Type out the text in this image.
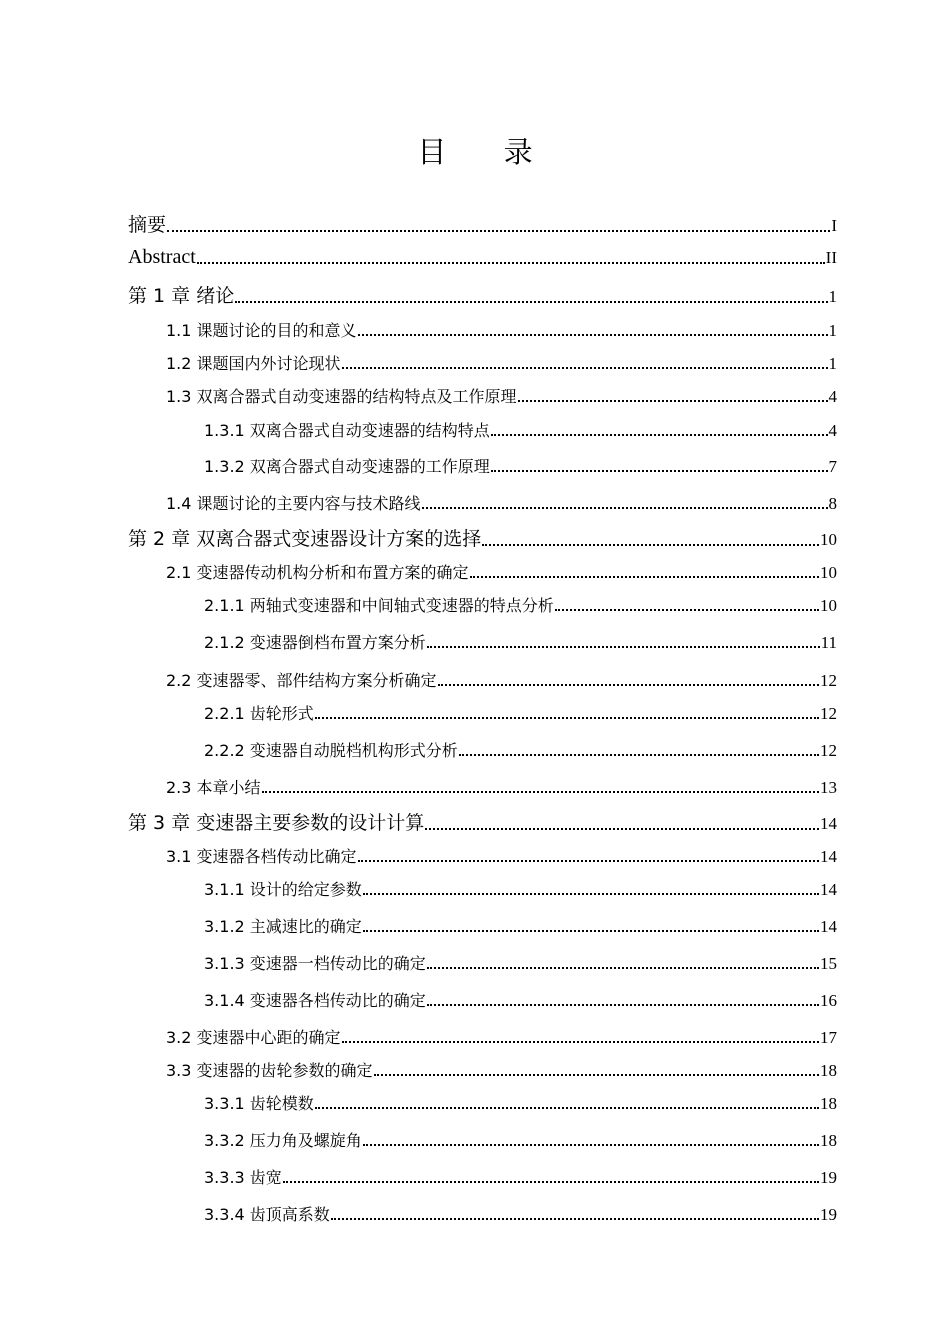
目 录
摘要	I
Abstract	II
第 1 章 绪论	1
1.1 课题讨论的目的和意义	1
1.2 课题国内外讨论现状	1
1.3 双离合器式自动变速器的结构特点及工作原理	4
1.3.1 双离合器式自动变速器的结构特点	4
1.3.2 双离合器式自动变速器的工作原理	7
1.4 课题讨论的主要内容与技术路线	8
第 2 章 双离合器式变速器设计方案的选择	10
2.1 变速器传动机构分析和布置方案的确定	10
2.1.1 两轴式变速器和中间轴式变速器的特点分析	10
2.1.2 变速器倒档布置方案分析	11
2.2 变速器零、部件结构方案分析确定	12
2.2.1 齿轮形式	12
2.2.2 变速器自动脱档机构形式分析	12
2.3 本章小结	13
第 3 章 变速器主要参数的设计计算	14
3.1 变速器各档传动比确定	14
3.1.1 设计的给定参数	14
3.1.2 主减速比的确定	14
3.1.3 变速器一档传动比的确定	15
3.1.4 变速器各档传动比的确定	16
3.2 变速器中心距的确定	17
3.3 变速器的齿轮参数的确定	18
3.3.1 齿轮模数	18
3.3.2 压力角及螺旋角	18
3.3.3 齿宽	19
3.3.4 齿顶高系数	19
